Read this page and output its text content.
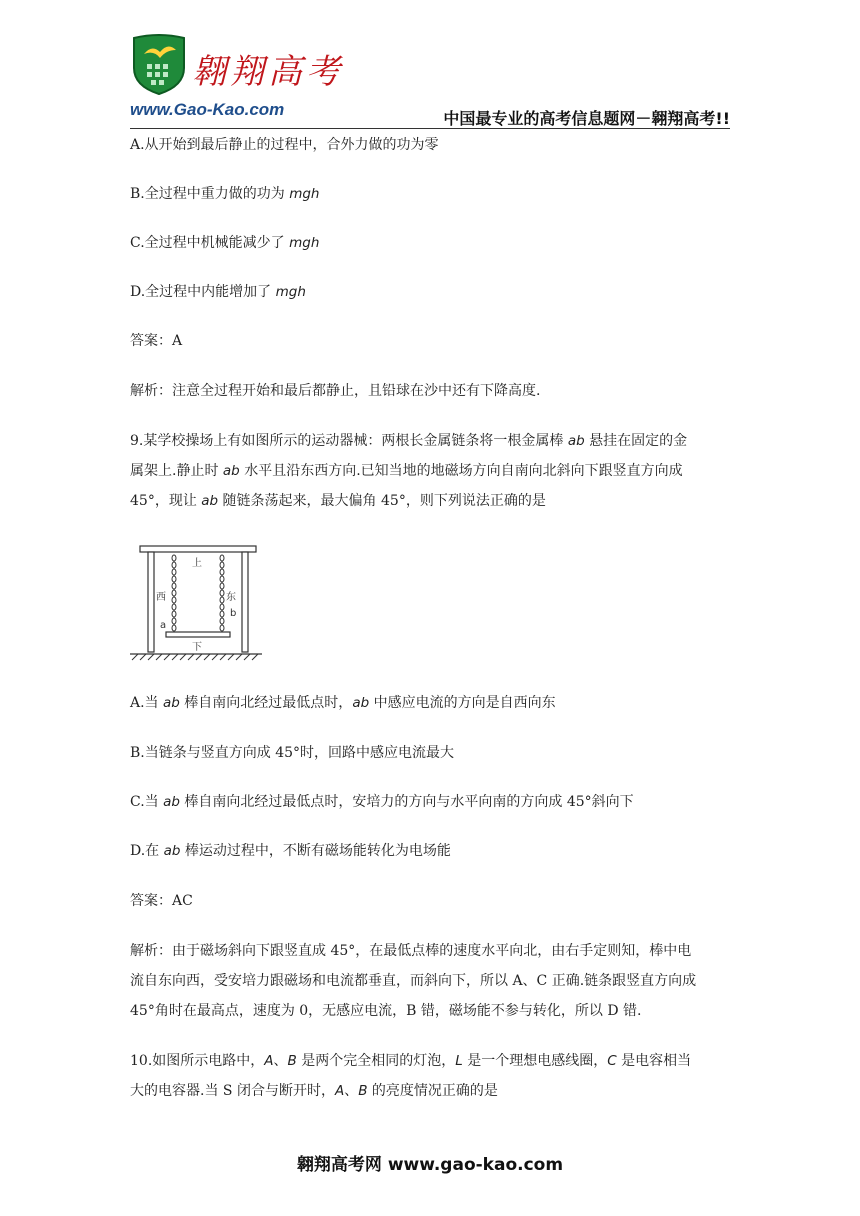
翱翔高考
www.Gao-Kao.com	中国最专业的高考信息题网－翱翔高考!!

A.从开始到最后静止的过程中，合外力做的功为零

B.全过程中重力做的功为 mgh

C.全过程中机械能减少了 mgh

D.全过程中内能增加了 mgh

答案：A

解析：注意全过程开始和最后都静止，且铅球在沙中还有下降高度.

9.某学校操场上有如图所示的运动器械：两根长金属链条将一根金属棒 ab 悬挂在固定的金

属架上.静止时 ab 水平且沿东西方向.已知当地的地磁场方向自南向北斜向下跟竖直方向成

45°，现让 ab 随链条荡起来，最大偏角 45°，则下列说法正确的是

上
西	东
a
b
下

A.当 ab 棒自南向北经过最低点时，ab 中感应电流的方向是自西向东

B.当链条与竖直方向成 45°时，回路中感应电流最大

C.当 ab 棒自南向北经过最低点时，安培力的方向与水平向南的方向成 45°斜向下

D.在 ab 棒运动过程中，不断有磁场能转化为电场能

答案：AC

解析：由于磁场斜向下跟竖直成 45°，在最低点棒的速度水平向北，由右手定则知，棒中电

流自东向西，受安培力跟磁场和电流都垂直，而斜向下，所以 A、C 正确.链条跟竖直方向成

45°角时在最高点，速度为 0，无感应电流，B 错，磁场能不参与转化，所以 D 错.

10.如图所示电路中，A、B 是两个完全相同的灯泡，L 是一个理想电感线圈，C 是电容相当

大的电容器.当 S 闭合与断开时，A、B 的亮度情况正确的是

翱翔高考网 www.gao-kao.com
